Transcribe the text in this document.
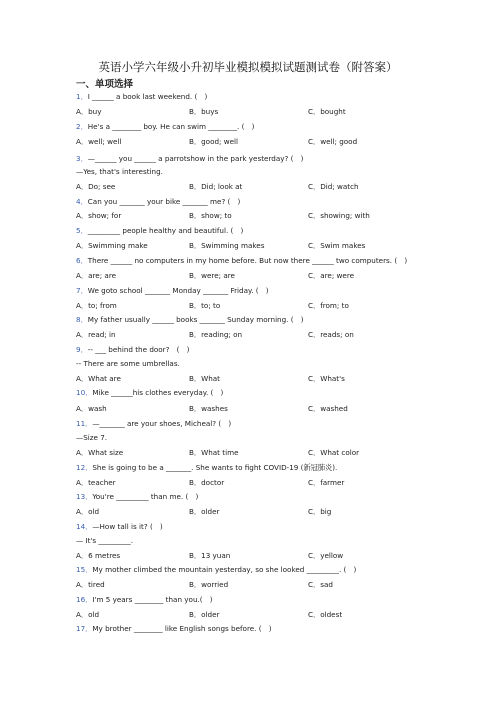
英语小学六年级小升初毕业模拟模拟试题测试卷（附答案）
一、单项选择
1．I ______ a book last weekend. (　)
A．buy	B．buys	C．bought
2．He's a ________ boy. He can swim ________. (　)
A．well; well	B．good; well	C．well; good
3．—______ you ______ a parrotshow in the park yesterday? (　)
—Yes, that's interesting.
A．Do; see	B．Did; look at	C．Did; watch
4．Can you _______ your bike _______ me? (　)
A．show; for	B．show; to	C．showing; with
5．_________ people healthy and beautiful. (　)
A．Swimming make	B．Swimming makes	C．Swim makes
6．There ______ no computers in my home before. But now there ______ two computers. (　)
A．are; are	B．were; are	C．are; were
7．We goto school _______ Monday _______ Friday. (　)
A．to; from	B．to; to	C．from; to
8．My father usually ______ books _______ Sunday morning. (　)
A．read; in	B．reading; on	C．reads; on
9．-- ___ behind the door?　(　)
-- There are some umbrellas.
A．What are	B．What	C．What's
10．Mike ______his clothes everyday. (　)
A．wash	B．washes	C．washed
11．—_______ are your shoes, Micheal? (　)
—Size 7.
A．What size	B．What time	C．What color
12．She is going to be a _______. She wants to fight COVID-19 (新冠肺炎).
A．teacher	B．doctor	C．farmer
13．You're _________ than me. (　)
A．old	B．older	C．big
14．—How tall is it? (　)
— It's _________.
A．6 metres	B．13 yuan	C．yellow
15．My mother climbed the mountain yesterday, so she looked _________. (　)
A．tired	B．worried	C．sad
16．I'm 5 years ________ than you.(　)
A．old	B．older	C．oldest
17．My brother ________ like English songs before. (　)
